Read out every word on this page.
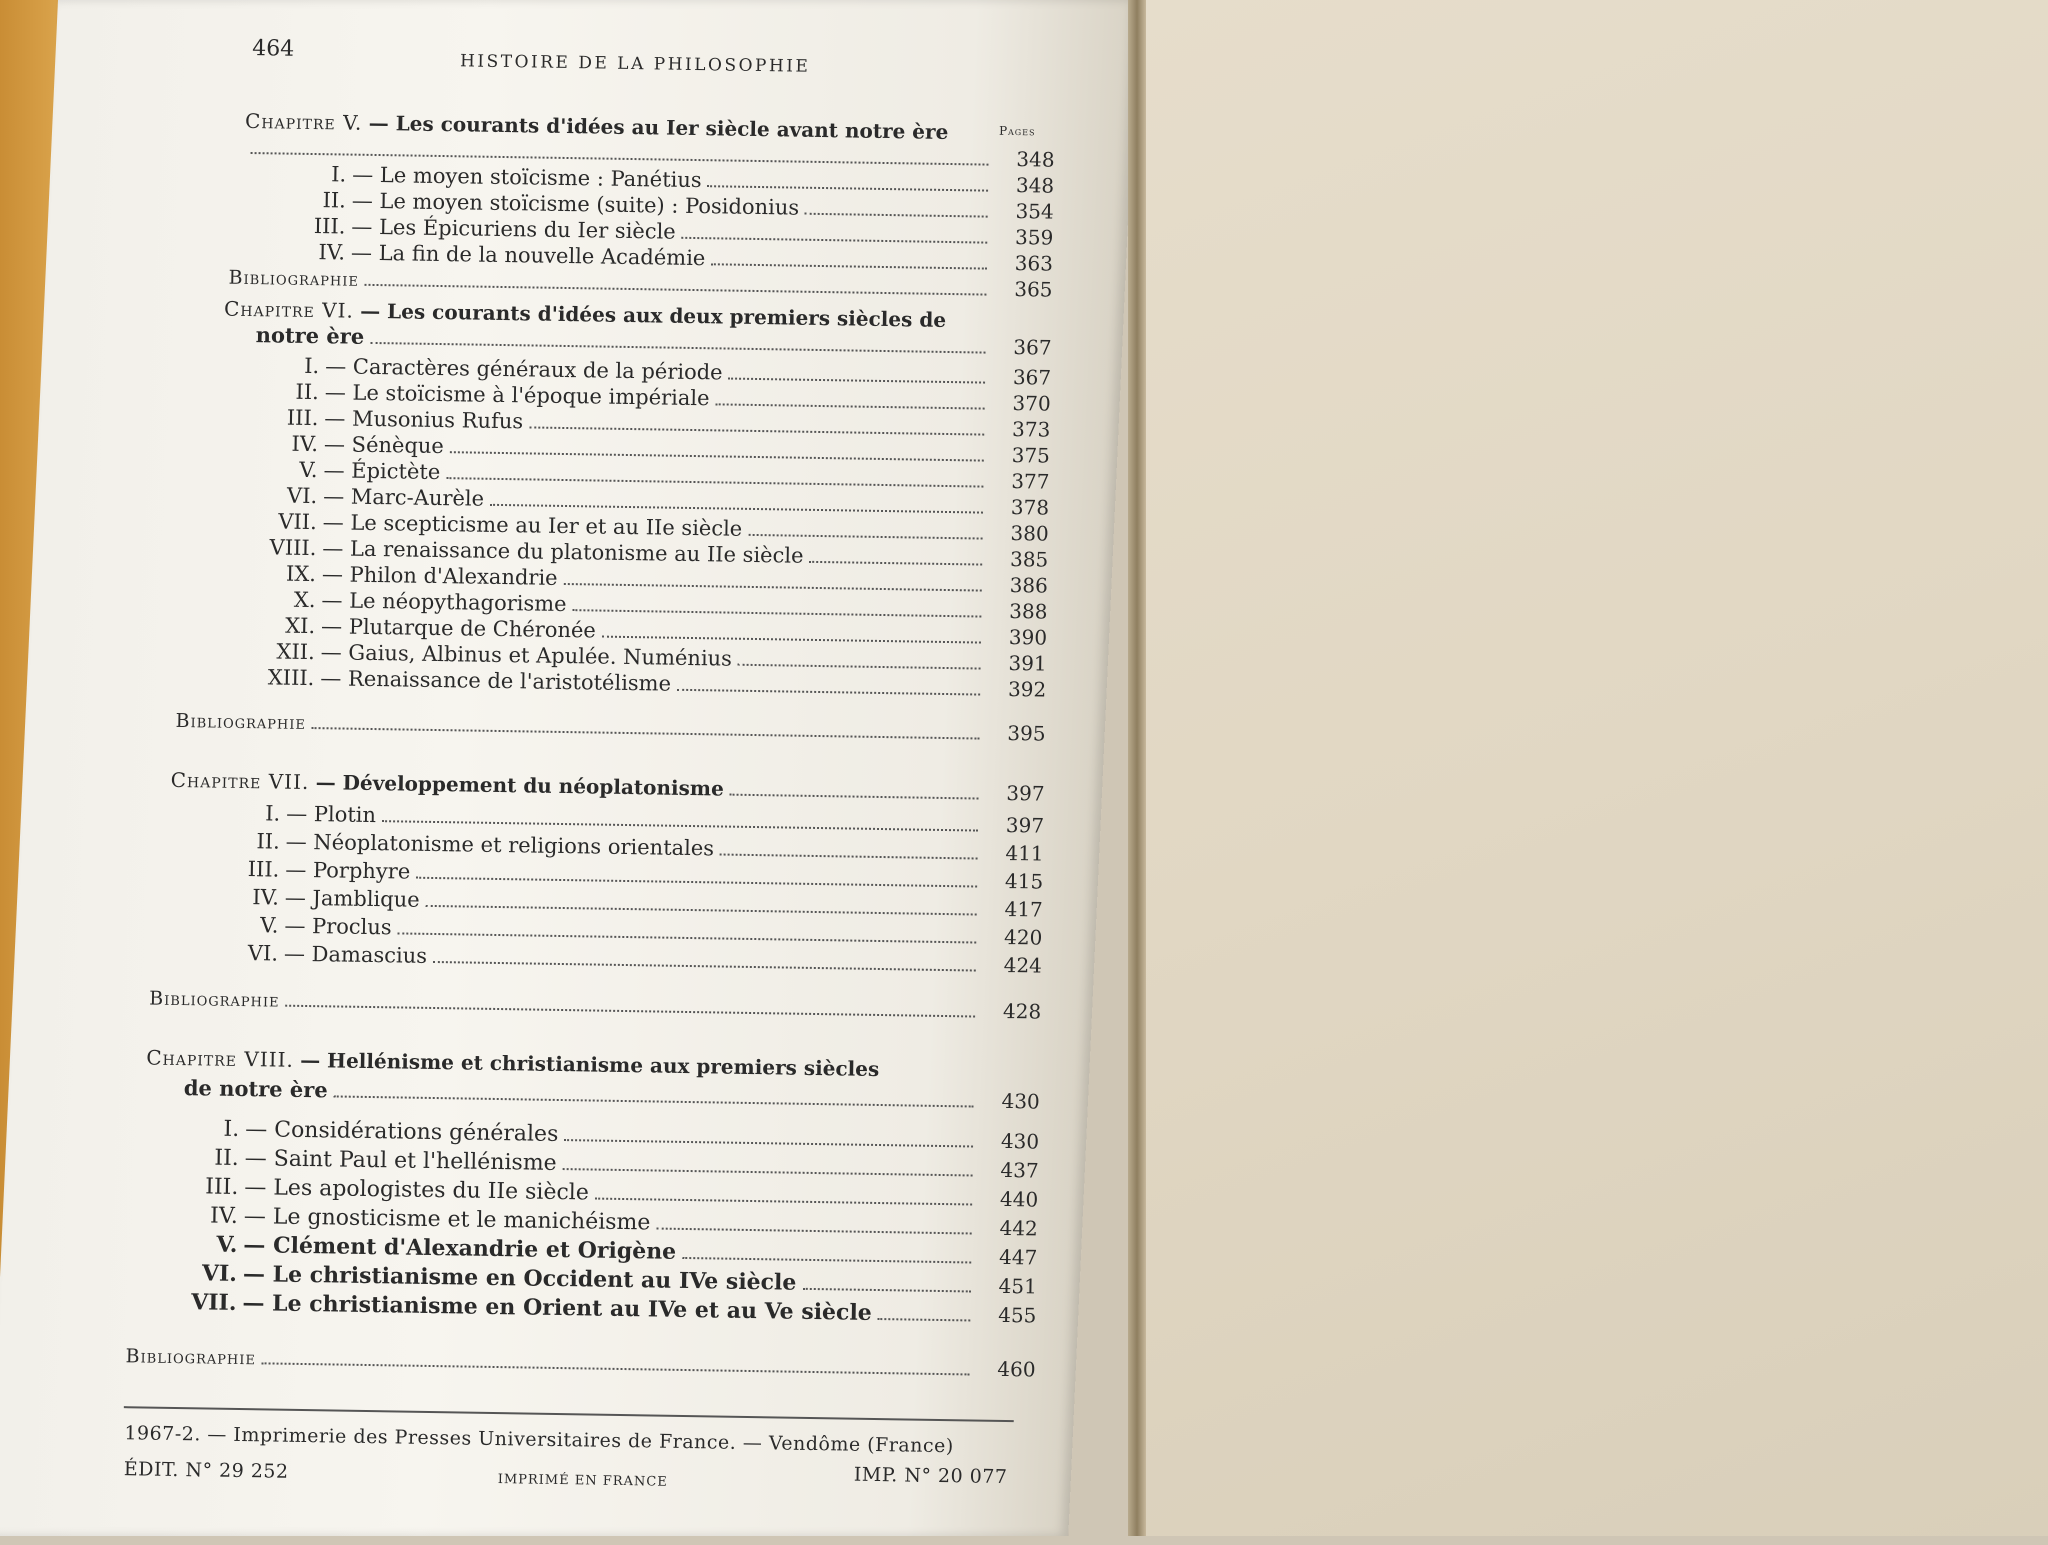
464
HISTOIRE DE LA PHILOSOPHIE
Pages
Chapitre V. — Les courants d'idées au Ier siècle avant notre ère
348
I. — Le moyen stoïcisme : Panétius	348
II. — Le moyen stoïcisme (suite) : Posidonius	354
III. — Les Épicuriens du Ier siècle	359
IV. — La fin de la nouvelle Académie	363
Bibliographie	365
Chapitre VI. — Les courants d'idées aux deux premiers siècles de
notre ère	367
I. — Caractères généraux de la période	367
II. — Le stoïcisme à l'époque impériale	370
III. — Musonius Rufus	373
IV. — Sénèque	375
V. — Épictète	377
VI. — Marc-Aurèle	378
VII. — Le scepticisme au Ier et au IIe siècle	380
VIII. — La renaissance du platonisme au IIe siècle	385
IX. — Philon d'Alexandrie	386
X. — Le néopythagorisme	388
XI. — Plutarque de Chéronée	390
XII. — Gaius, Albinus et Apulée. Numénius	391
XIII. — Renaissance de l'aristotélisme	392
Bibliographie	395
Chapitre VII. — Développement du néoplatonisme	397
I. — Plotin	397
II. — Néoplatonisme et religions orientales	411
III. — Porphyre	415
IV. — Jamblique	417
V. — Proclus	420
VI. — Damascius	424
Bibliographie	428
Chapitre VIII. — Hellénisme et christianisme aux premiers siècles
de notre ère	430
I. — Considérations générales	430
II. — Saint Paul et l'hellénisme	437
III. — Les apologistes du IIe siècle	440
IV. — Le gnosticisme et le manichéisme	442
V. — Clément d'Alexandrie et Origène	447
VI. — Le christianisme en Occident au IVe siècle	451
VII. — Le christianisme en Orient au IVe et au Ve siècle	455
Bibliographie	460
1967-2. — Imprimerie des Presses Universitaires de France. — Vendôme (France)
ÉDIT. N° 29 252	IMPRIMÉ EN FRANCE	IMP. N° 20 077
